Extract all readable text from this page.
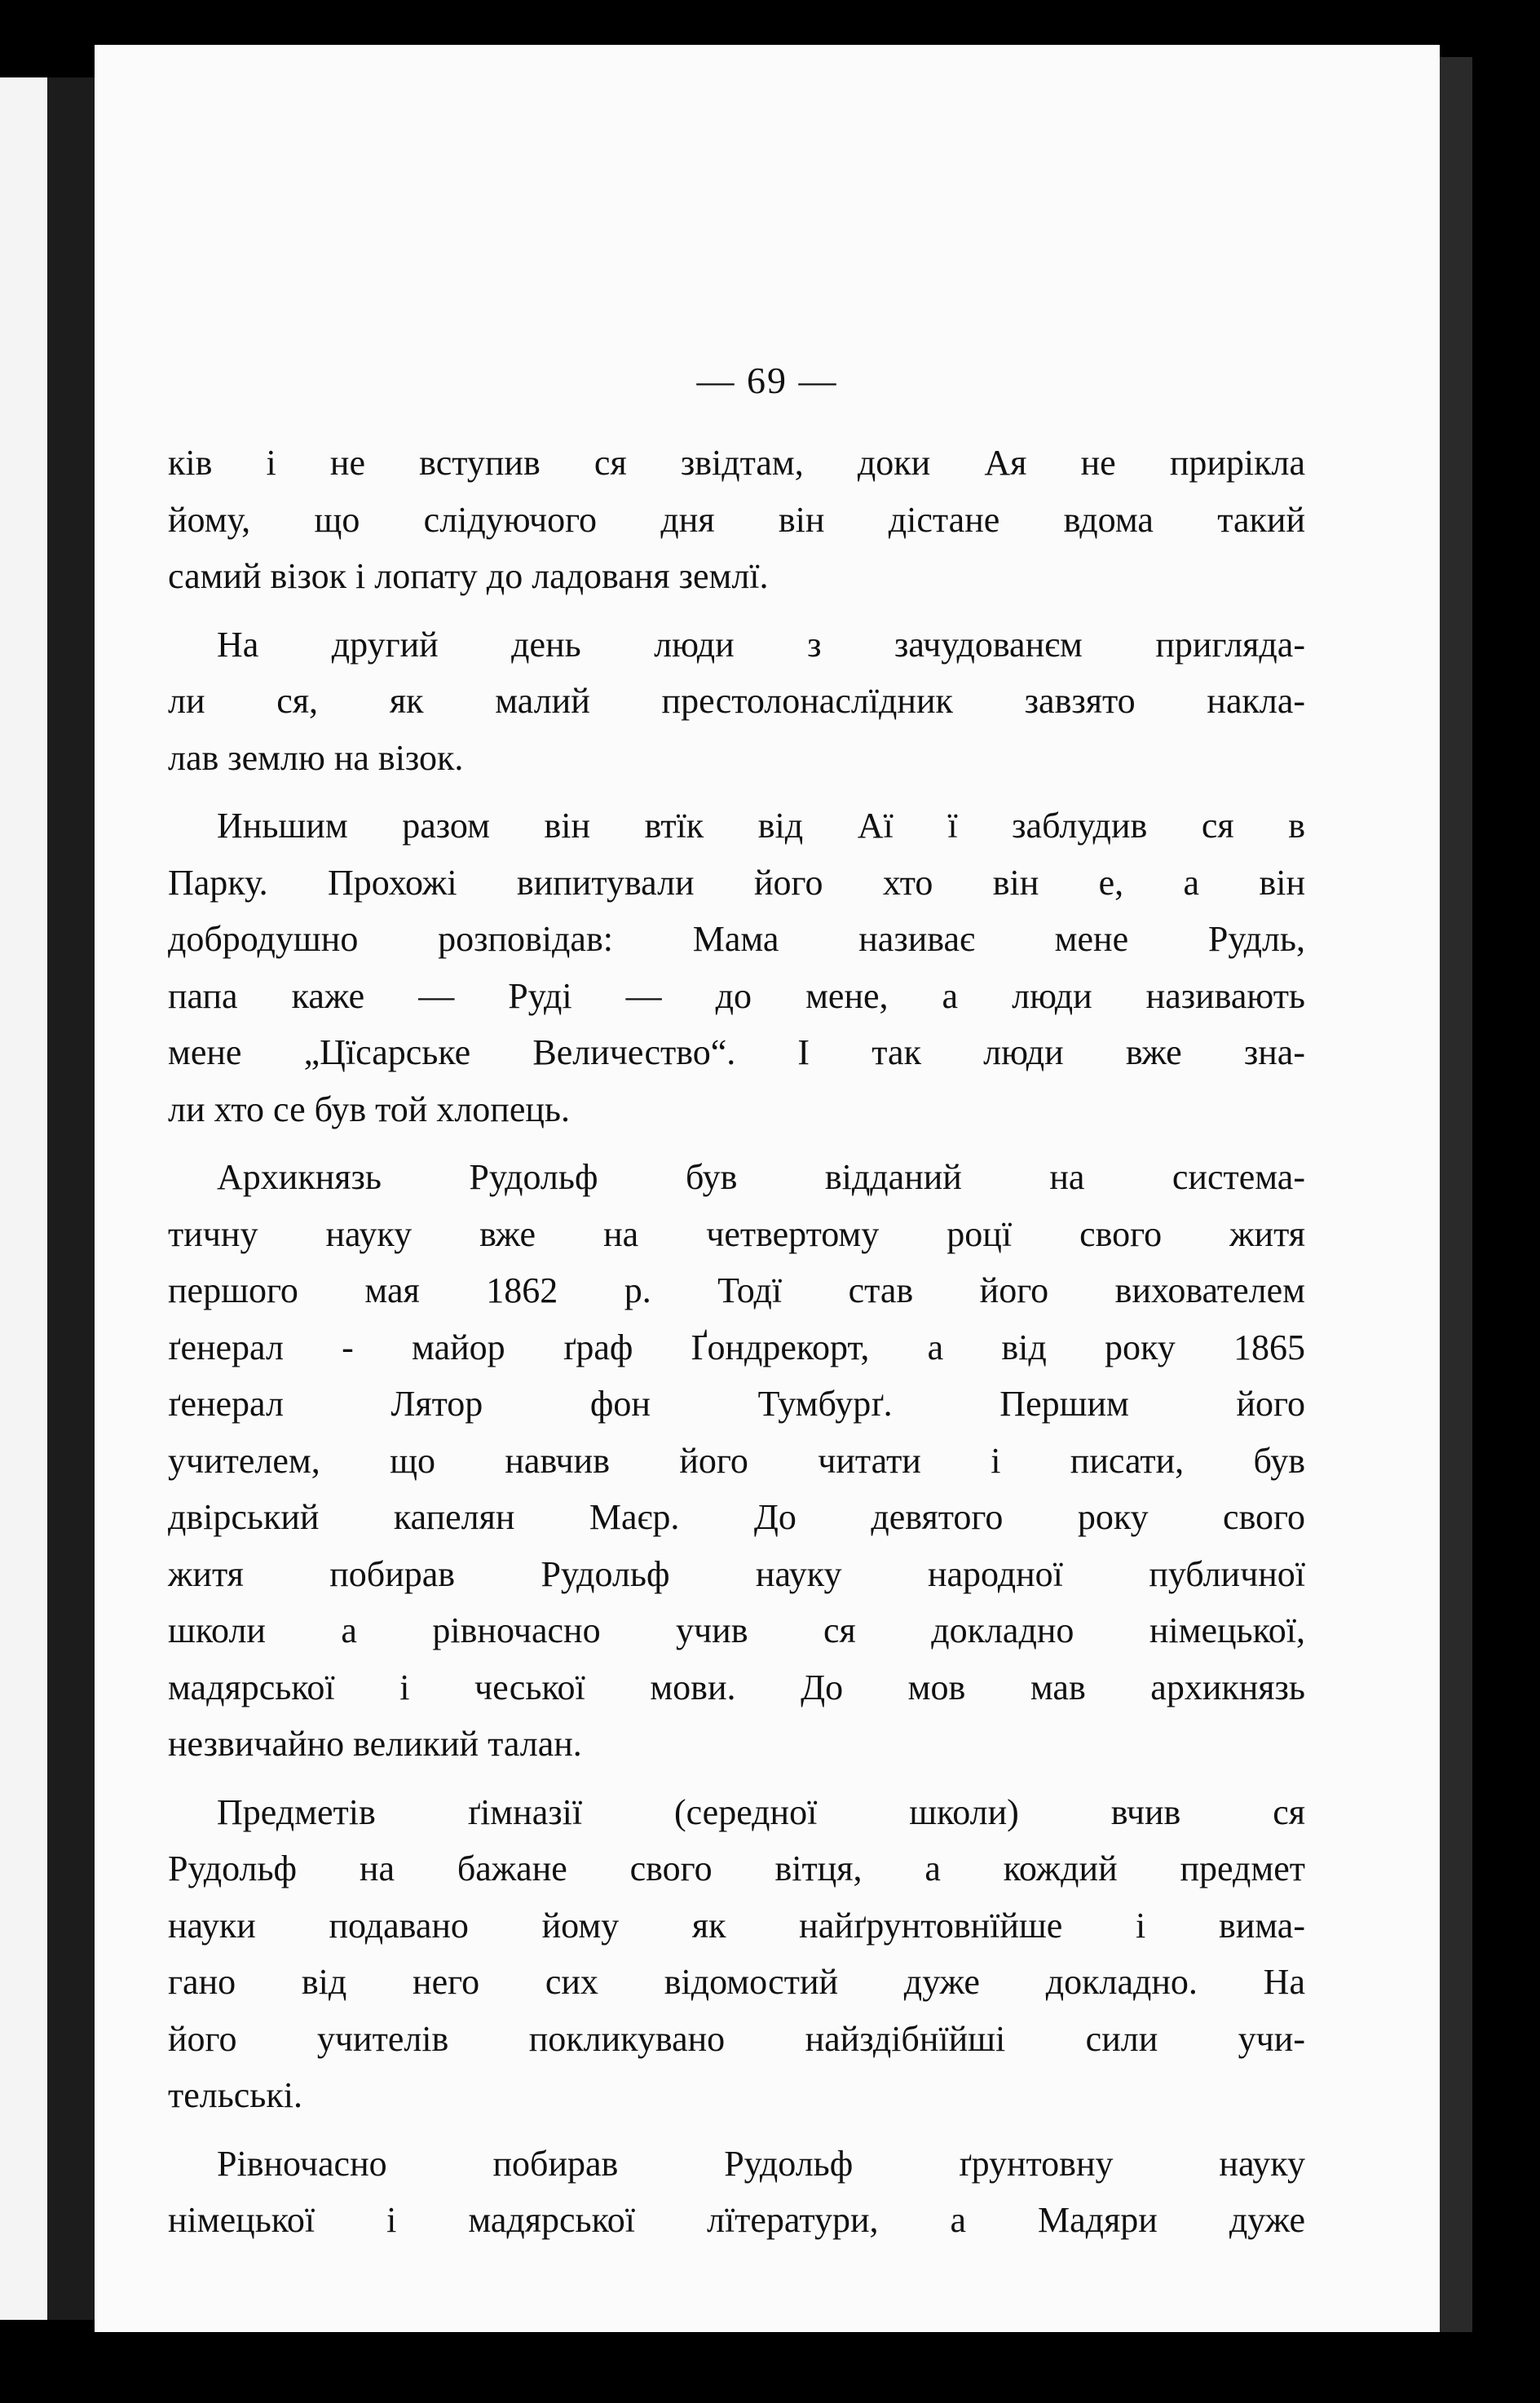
— 69 —
ків і не вступив ся звідтам, доки Ая не прирікла
йому, що слідуючого дня він дістане вдома такий
самий візок і лопату до ладованя землї.
На другий день люди з зачудованєм пригляда-
ли ся, як малий престолонаслїдник завзято накла-
лав землю на візок.
Иньшим разом він втїк від Аї ї заблудив ся в
Парку. Прохожі випитували його хто він е, а він
добродушно розповідав: Мама називає мене Рудль,
папа каже — Руді — до мене, а люди називають
мене „Цїсарське Величество“. І так люди вже зна-
ли хто се був той хлопець.
Архикнязь Рудольф був відданий на система-
тичну науку вже на четвертому роцї свого житя
першого мая 1862 р. Тодї став його вихователем
ґенерал - майор ґраф Ґондрекорт, а від року 1865
ґенерал Лятор фон Тумбурґ. Першим його
учителем, що навчив його читати і писати, був
двірський капелян Маєр. До девятого року свого
житя побирав Рудольф науку народної публичної
школи а рівночасно учив ся докладно німецької,
мадярської і чеської мови. До мов мав архикнязь
незвичайно великий талан.
Предметів ґімназії (середної школи) вчив ся
Рудольф на бажане свого вітця, а кождий предмет
науки подавано йому як найґрунтовнїйше і вима-
гано від него сих відомостий дуже докладно. На
його учителів покликувано найздібнїйші сили учи-
тельські.
Рівночасно побирав Рудольф ґрунтовну науку
німецької і мадярської лїтератури, а Мадяри дуже
